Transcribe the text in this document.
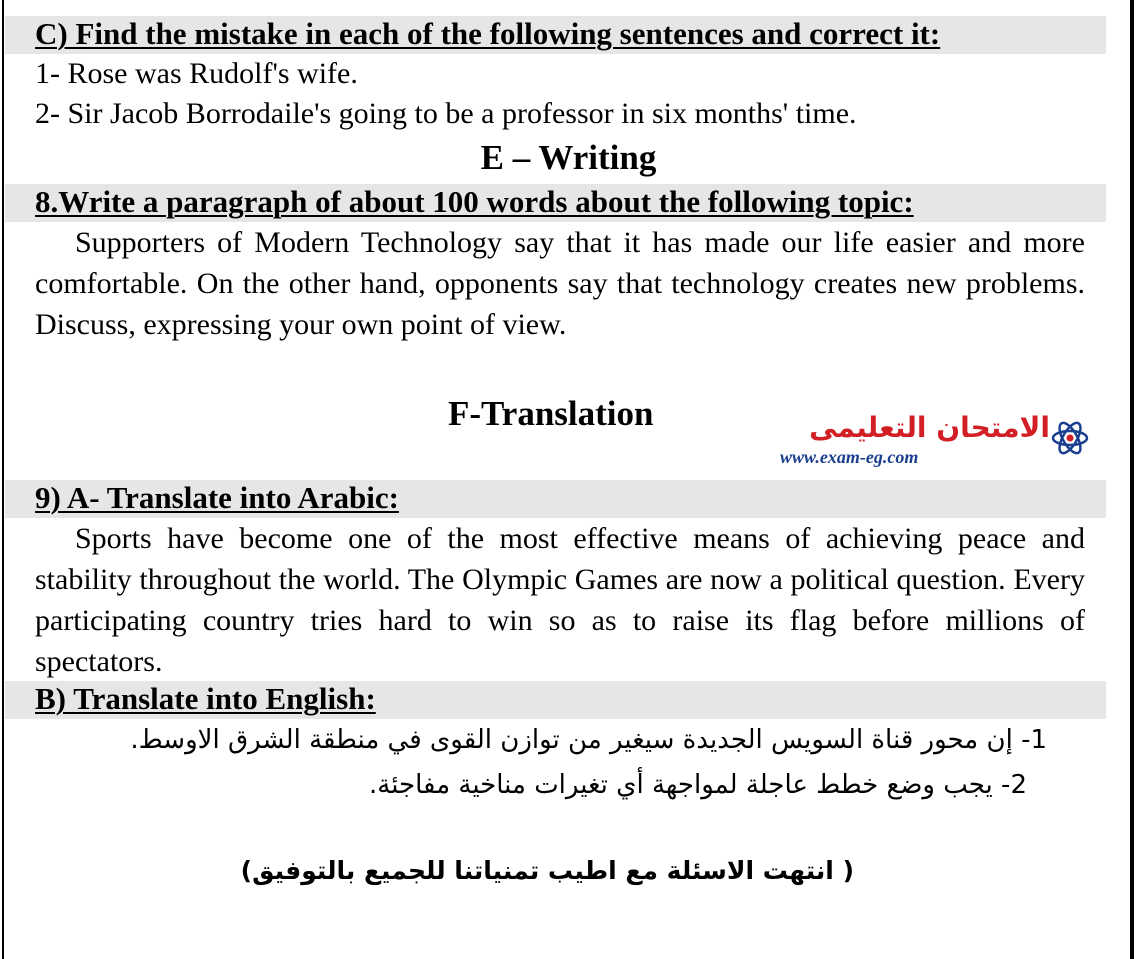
C) Find the mistake in each of the following sentences and correct it:
1- Rose was Rudolf's wife.
2- Sir Jacob Borrodaile's going to be a professor in six months' time.
E – Writing
8.Write a paragraph of about 100 words about the following topic:
Supporters of Modern Technology say that it has made our life easier and more comfortable. On the other hand, opponents say that technology creates new problems. Discuss, expressing your own point of view.
F-Translation	الامتحان التعليمى
www.exam-eg.com
9) A- Translate into Arabic:
Sports have become one of the most effective means of achieving peace and stability throughout the world. The Olympic Games are now a political question. Every participating country tries hard to win so as to raise its flag before millions of spectators.
B) Translate into English:
1- إن محور قناة السويس الجديدة سيغير من توازن القوى في منطقة الشرق الاوسط.
2- يجب وضع خطط عاجلة لمواجهة أي تغيرات مناخية مفاجئة.
( انتهت الاسئلة مع اطيب تمنياتنا للجميع بالتوفيق)
